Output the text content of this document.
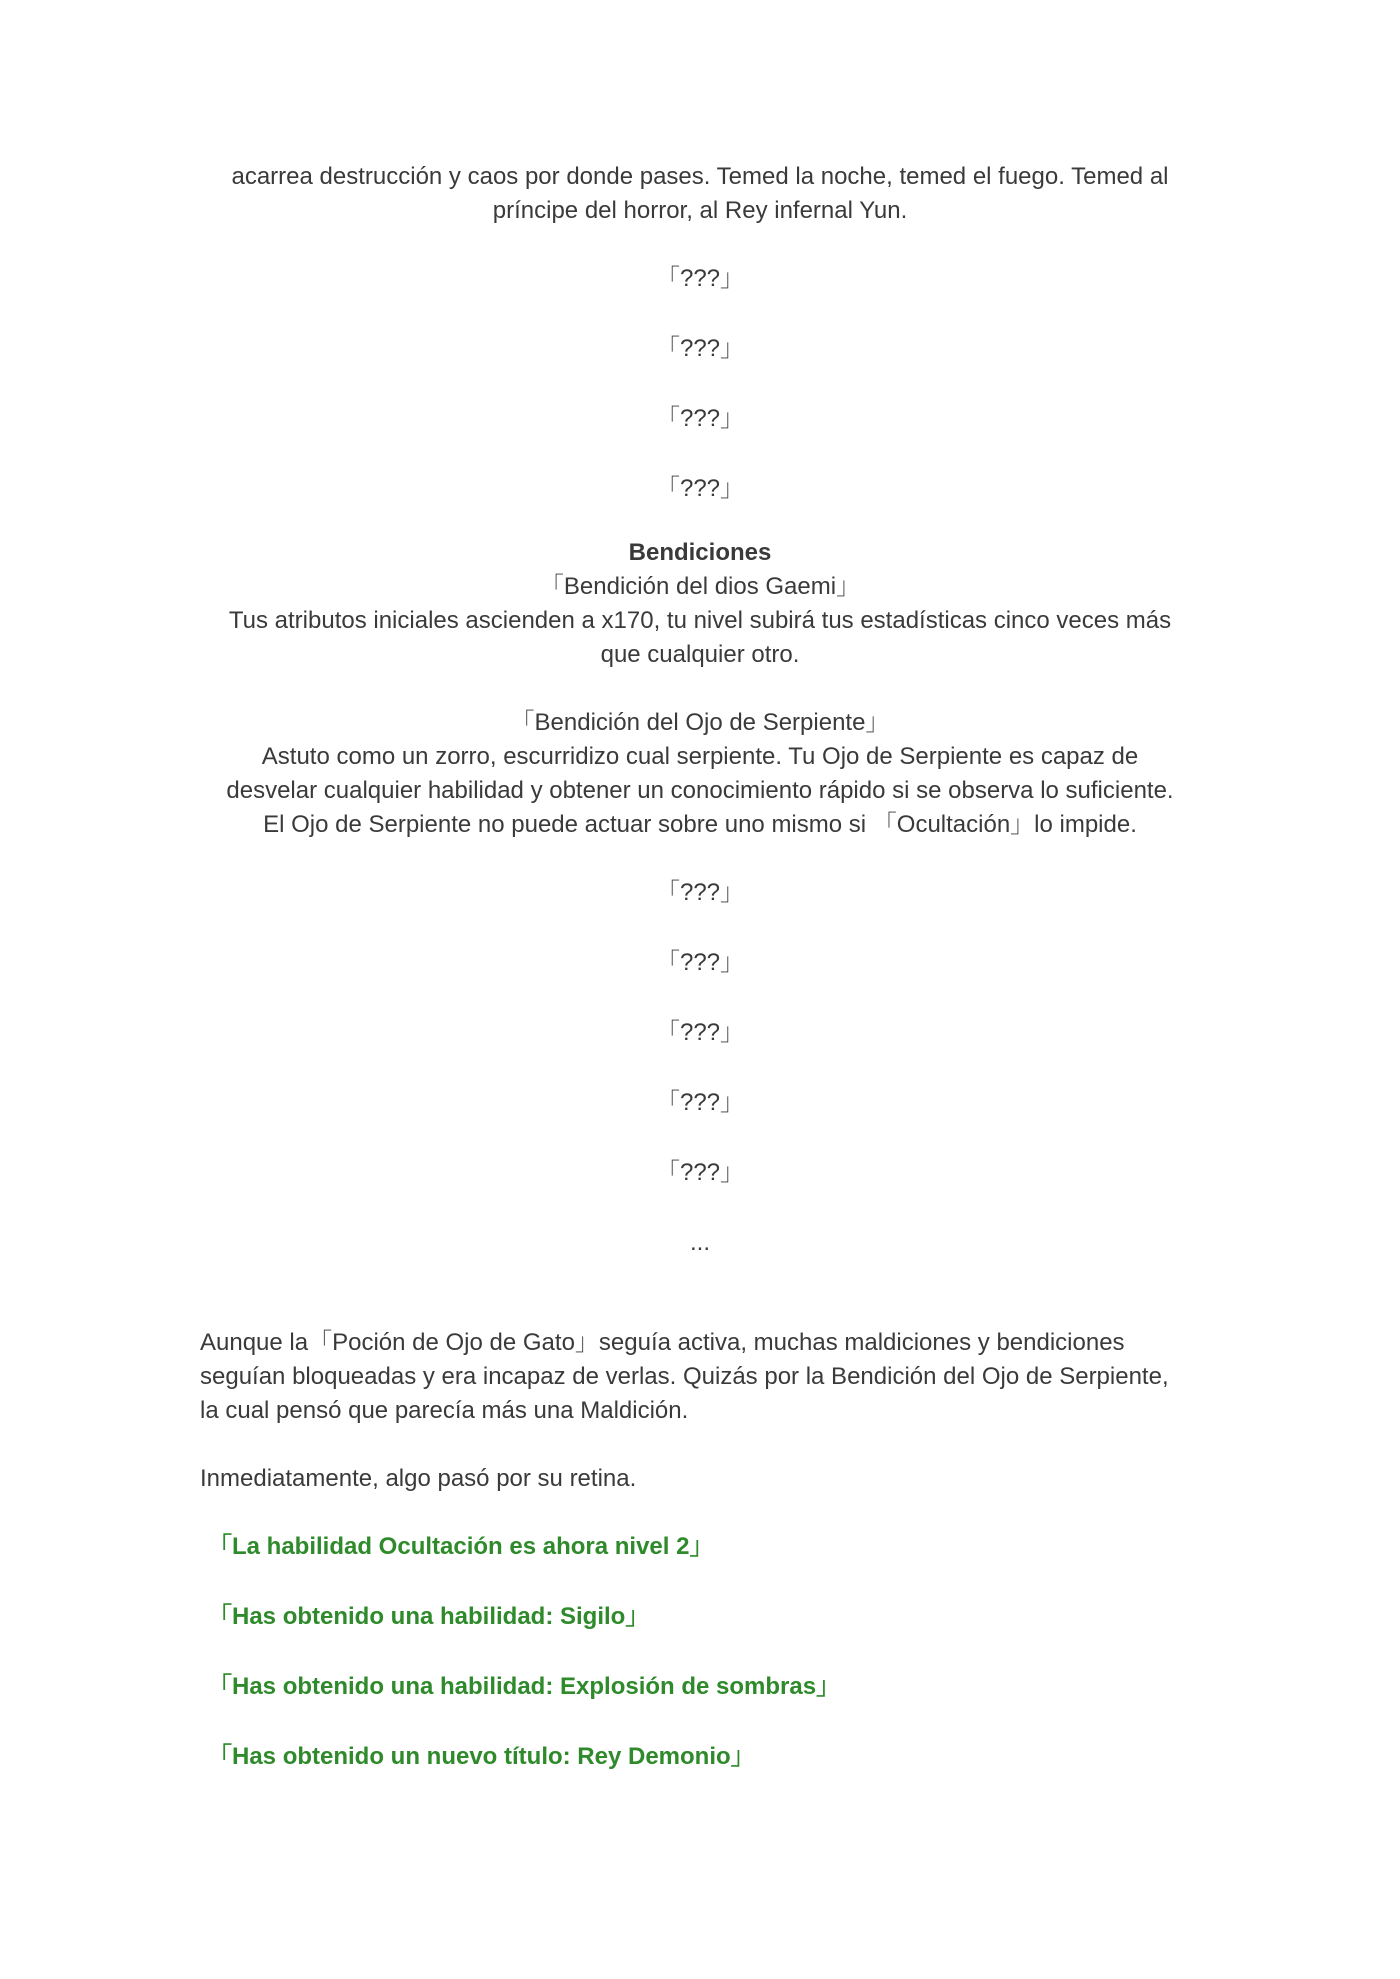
acarrea destrucción y caos por donde pases. Temed la noche, temed el fuego. Temed al
príncipe del horror, al Rey infernal Yun.

「???」

「???」

「???」

「???」

Bendiciones

「Bendición del dios Gaemi」

Tus atributos iniciales ascienden a x170, tu nivel subirá tus estadísticas cinco veces más
que cualquier otro.

「Bendición del Ojo de Serpiente」

Astuto como un zorro, escurridizo cual serpiente. Tu Ojo de Serpiente es capaz de
desvelar cualquier habilidad y obtener un conocimiento rápido si se observa lo suficiente.
El Ojo de Serpiente no puede actuar sobre uno mismo si 「Ocultación」lo impide.

「???」

「???」

「???」

「???」

「???」

...

Aunque la「Poción de Ojo de Gato」seguía activa, muchas maldiciones y bendiciones
seguían bloqueadas y era incapaz de verlas. Quizás por la Bendición del Ojo de Serpiente,
la cual pensó que parecía más una Maldición.

Inmediatamente, algo pasó por su retina.

「La habilidad Ocultación es ahora nivel 2」

「Has obtenido una habilidad: Sigilo」

「Has obtenido una habilidad: Explosión de sombras」

「Has obtenido un nuevo título: Rey Demonio」
